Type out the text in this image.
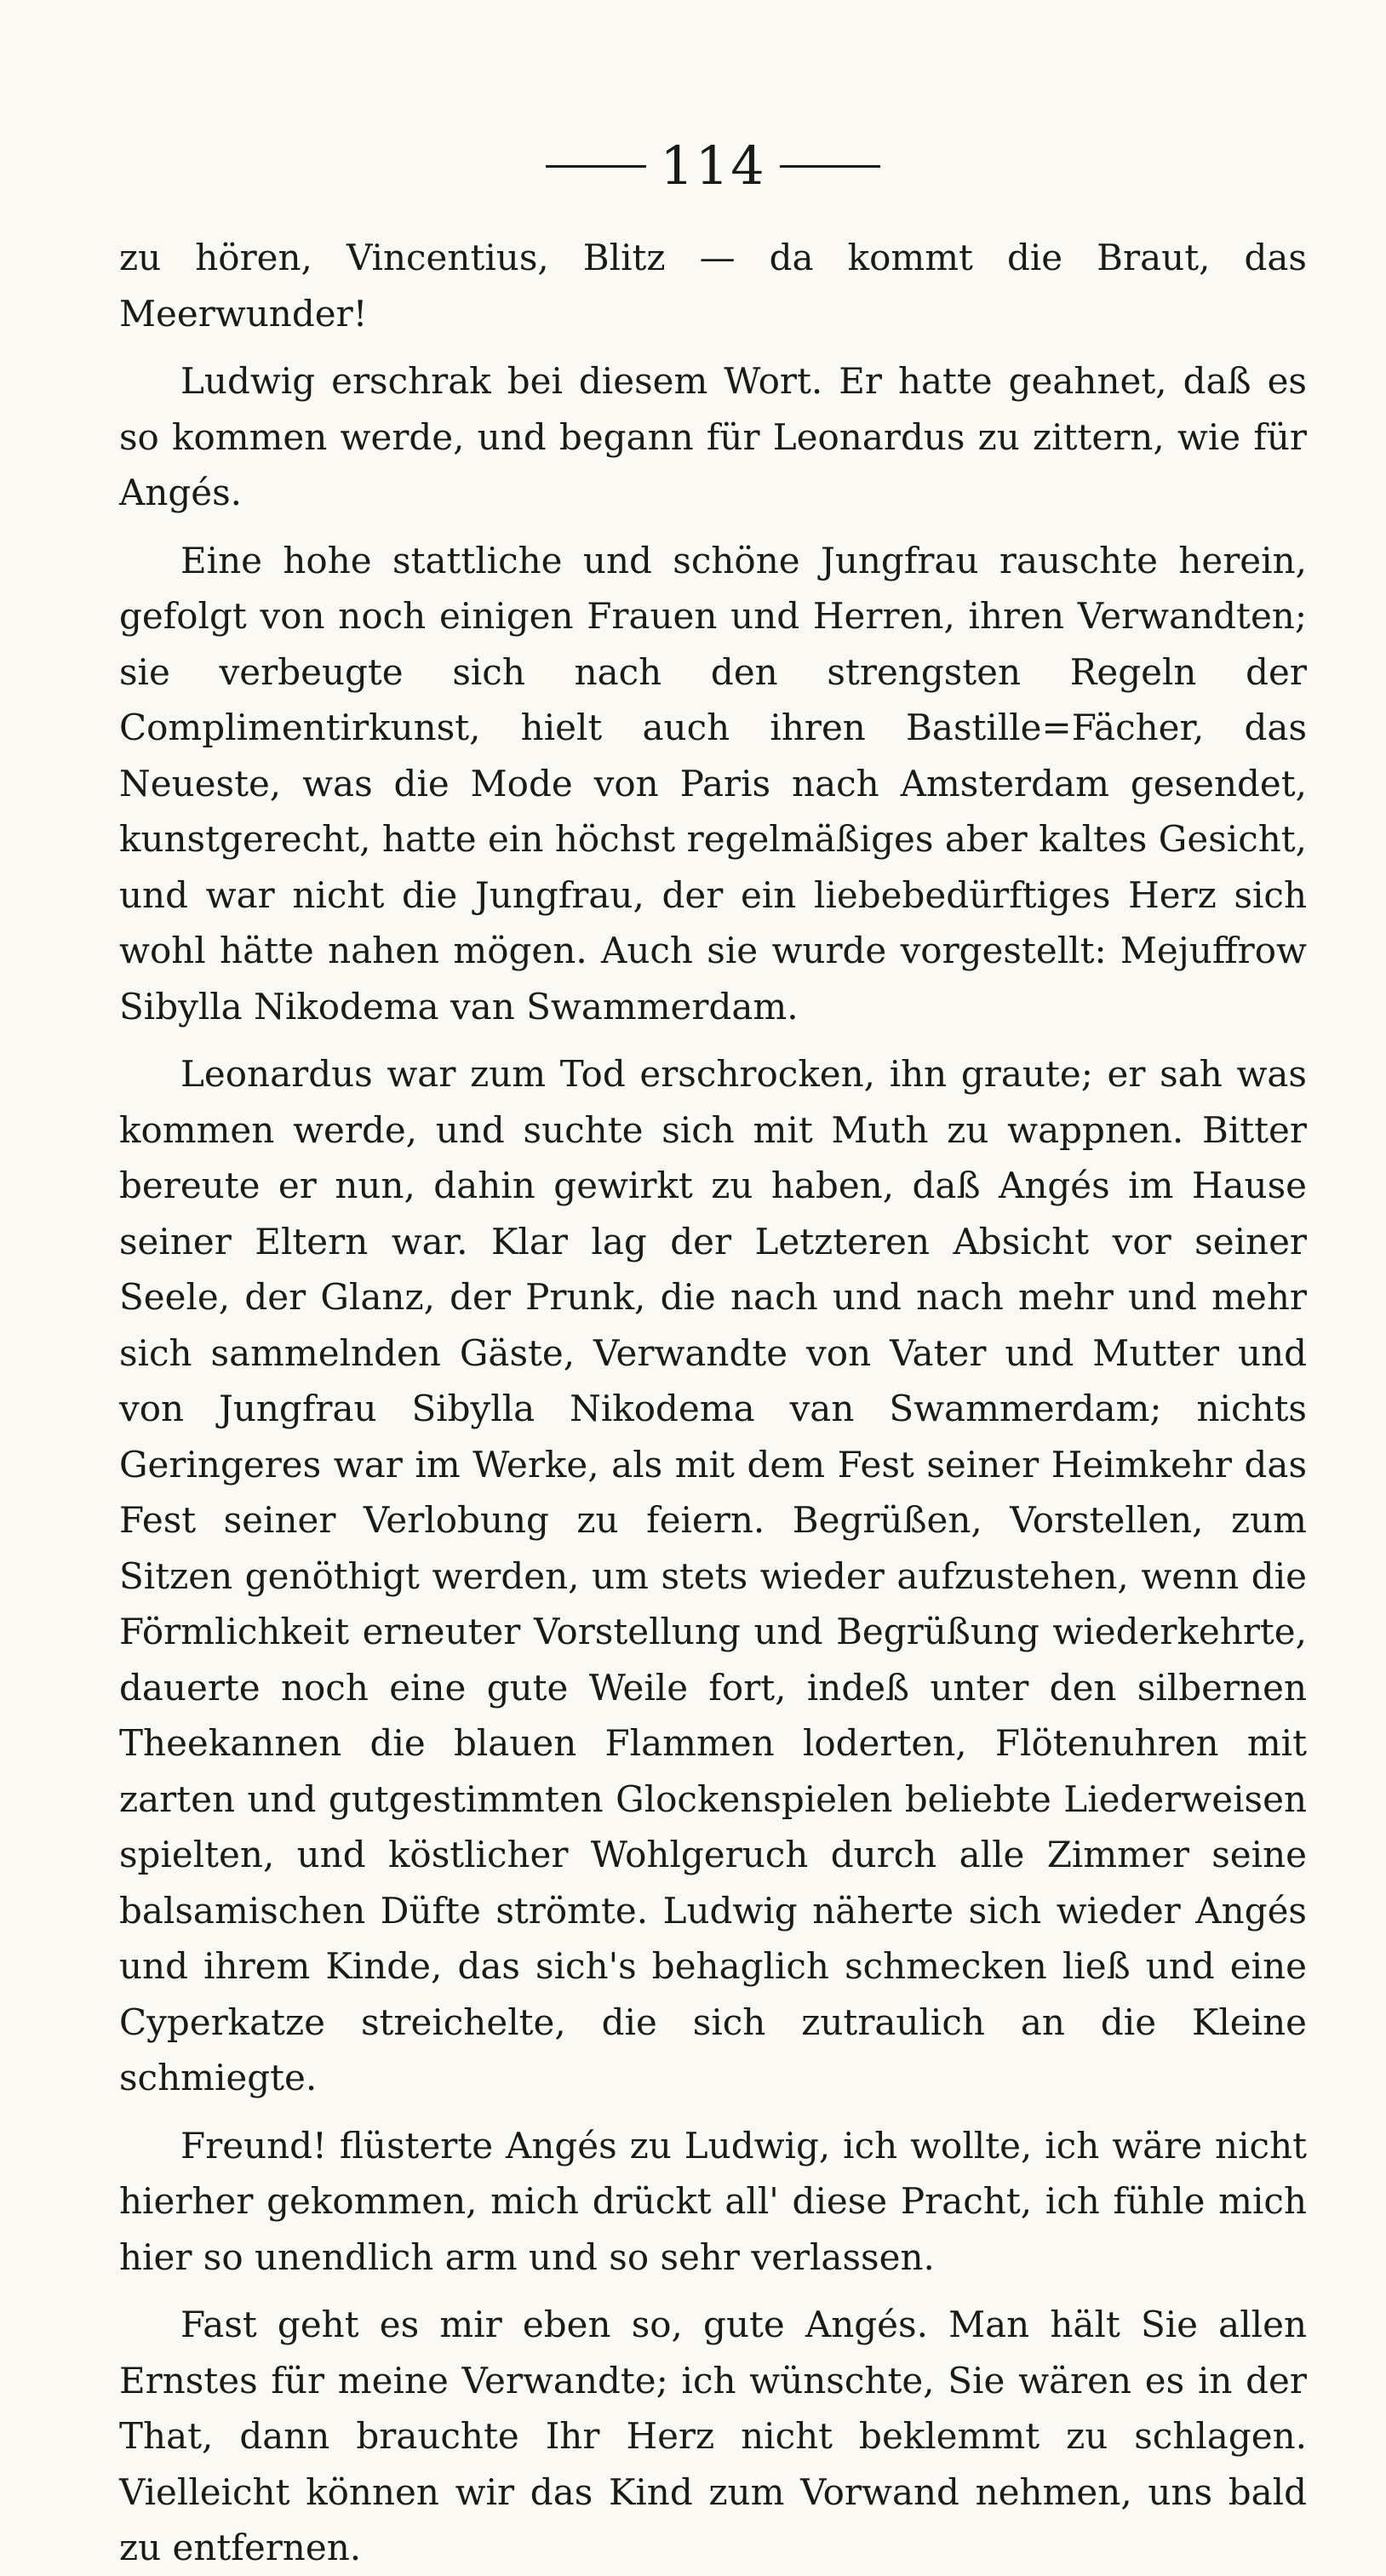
114

zu hören, Vincentius, Blitz — da kommt die Braut, das Meerwunder!

Ludwig erschrak bei diesem Wort. Er hatte geahnet, daß es so kommen werde, und begann für Leonardus zu zittern, wie für Angés.

Eine hohe stattliche und schöne Jungfrau rauschte herein, gefolgt von noch einigen Frauen und Herren, ihren Verwandten; sie verbeugte sich nach den strengsten Regeln der Complimentirkunst, hielt auch ihren Bastille=Fächer, das Neueste, was die Mode von Paris nach Amsterdam gesendet, kunstgerecht, hatte ein höchst regelmäßiges aber kaltes Gesicht, und war nicht die Jungfrau, der ein liebebedürftiges Herz sich wohl hätte nahen mögen. Auch sie wurde vorgestellt: Mejuffrow Sibylla Nikodema van Swammerdam.

Leonardus war zum Tod erschrocken, ihn graute; er sah was kommen werde, und suchte sich mit Muth zu wappnen. Bitter bereute er nun, dahin gewirkt zu haben, daß Angés im Hause seiner Eltern war. Klar lag der Letzteren Absicht vor seiner Seele, der Glanz, der Prunk, die nach und nach mehr und mehr sich sammelnden Gäste, Verwandte von Vater und Mutter und von Jungfrau Sibylla Nikodema van Swammerdam; nichts Geringeres war im Werke, als mit dem Fest seiner Heimkehr das Fest seiner Verlobung zu feiern. Begrüßen, Vorstellen, zum Sitzen genöthigt werden, um stets wieder aufzustehen, wenn die Förmlichkeit erneuter Vorstellung und Begrüßung wiederkehrte, dauerte noch eine gute Weile fort, indeß unter den silbernen Theekannen die blauen Flammen loderten, Flötenuhren mit zarten und gutgestimmten Glockenspielen beliebte Liederweisen spielten, und köstlicher Wohlgeruch durch alle Zimmer seine balsamischen Düfte strömte. Ludwig näherte sich wieder Angés und ihrem Kinde, das sich's behaglich schmecken ließ und eine Cyperkatze streichelte, die sich zutraulich an die Kleine schmiegte.

Freund! flüsterte Angés zu Ludwig, ich wollte, ich wäre nicht hierher gekommen, mich drückt all' diese Pracht, ich fühle mich hier so unendlich arm und so sehr verlassen.

Fast geht es mir eben so, gute Angés. Man hält Sie allen Ernstes für meine Verwandte; ich wünschte, Sie wären es in der That, dann brauchte Ihr Herz nicht beklemmt zu schlagen. Vielleicht können wir das Kind zum Vorwand nehmen, uns bald zu entfernen.
